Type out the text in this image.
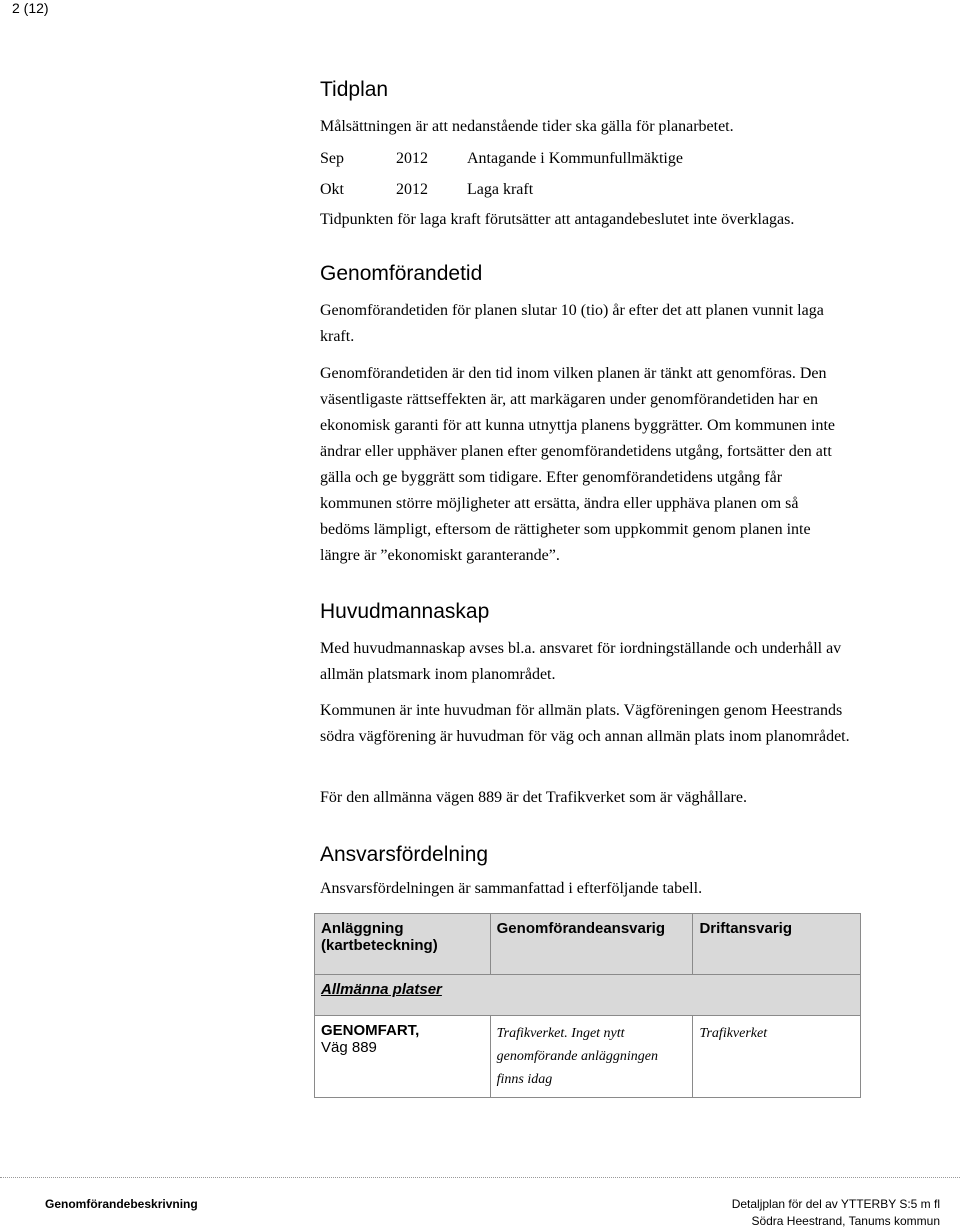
2 (12)
Tidplan

Målsättningen är att nedanstående tider ska gälla för planarbetet.

Sep	2012 Antagande i Kommunfullmäktige
Okt	2012 Laga kraft

Tidpunkten för laga kraft förutsätter att antagandebeslutet inte överklagas.

Genomförandetid

Genomförandetiden för planen slutar 10 (tio) år efter det att planen vunnit laga kraft.

Genomförandetiden är den tid inom vilken planen är tänkt att genomföras. Den väsentligaste rättseffekten är, att markägaren under genomförandetiden har en ekonomisk garanti för att kunna utnyttja planens byggrätter. Om kommunen inte ändrar eller upphäver planen efter genomförandetidens utgång, fortsätter den att gälla och ge byggrätt som tidigare. Efter genomförandetidens utgång får kommunen större möjligheter att ersätta, ändra eller upphäva planen om så bedöms lämpligt, eftersom de rättigheter som uppkommit genom planen inte längre är ”ekonomiskt garanterande”.

Huvudmannaskap

Med huvudmannaskap avses bl.a. ansvaret för iordningställande och underhåll av allmän platsmark inom planområdet.

Kommunen är inte huvudman för allmän plats. Vägföreningen genom Heestrands södra vägförening är huvudman för väg och annan allmän plats inom planområdet.

För den allmänna vägen 889 är det Trafikverket som är väghållare.

Ansvarsfördelning

Ansvarsfördelningen är sammanfattad i efterföljande tabell.

Anläggning (kartbeteckning)	Genomförandeansvarig	Driftansvarig
Allmänna platser		

GENOMFART,
Väg 889	Trafikverket. Inget nytt genomförande anläggningen finns idag	Trafikverket
Genomförandebeskrivning	Detaljplan för del av YTTERBY S:5 m fl
Södra Heestrand, Tanums kommun
